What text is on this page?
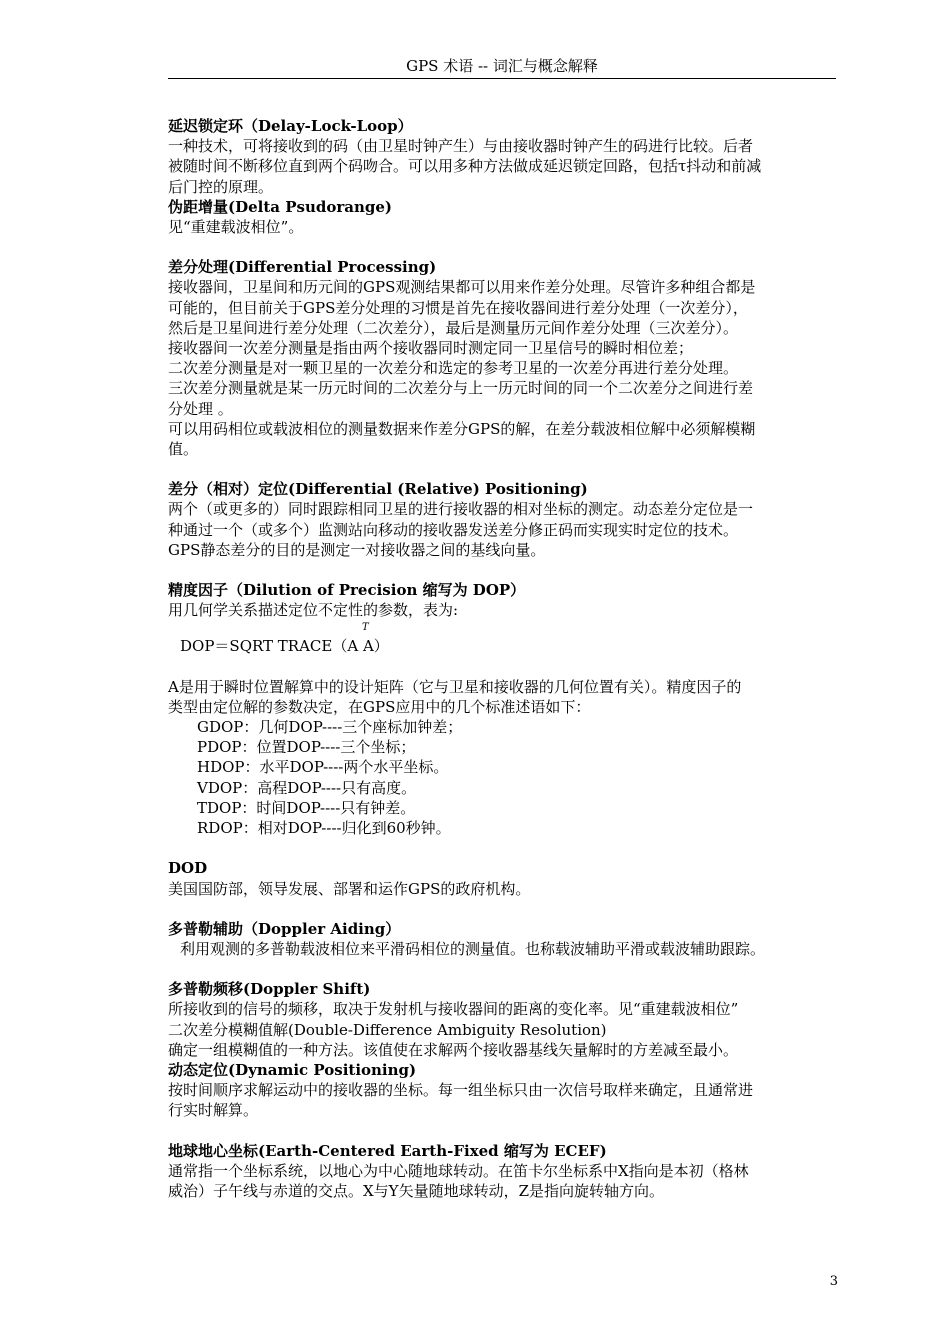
GPS 术语 -- 词汇与概念解释
延迟锁定环（Delay-Lock-Loop）
一种技术，可将接收到的码（由卫星时钟产生）与由接收器时钟产生的码进行比较。后者
被随时间不断移位直到两个码吻合。可以用多种方法做成延迟锁定回路，包括τ抖动和前减
后门控的原理。
伪距增量(Delta Psudorange)
见“重建载波相位”。
差分处理(Differential Processing)
接收器间，卫星间和历元间的GPS观测结果都可以用来作差分处理。尽管许多种组合都是
可能的，但目前关于GPS差分处理的习惯是首先在接收器间进行差分处理（一次差分），
然后是卫星间进行差分处理（二次差分），最后是测量历元间作差分处理（三次差分）。
接收器间一次差分测量是指由两个接收器同时测定同一卫星信号的瞬时相位差；
二次差分测量是对一颗卫星的一次差分和选定的参考卫星的一次差分再进行差分处理。
三次差分测量就是某一历元时间的二次差分与上一历元时间的同一个二次差分之间进行差
分处理 。
可以用码相位或载波相位的测量数据来作差分GPS的解，在差分载波相位解中必须解模糊
值。
差分（相对）定位(Differential (Relative) Positioning)
两个（或更多的）同时跟踪相同卫星的进行接收器的相对坐标的测定。动态差分定位是一
种通过一个（或多个）监测站向移动的接收器发送差分修正码而实现实时定位的技术。
GPS静态差分的目的是测定一对接收器之间的基线向量。
精度因子（Dilution of Precision 缩写为 DOP）
用几何学关系描述定位不定性的参数，表为:
T
DOP＝SQRT TRACE（A A）
A是用于瞬时位置解算中的设计矩阵（它与卫星和接收器的几何位置有关）。精度因子的
类型由定位解的参数决定，在GPS应用中的几个标准述语如下：
GDOP：几何DOP----三个座标加钟差；
PDOP：位置DOP----三个坐标；
HDOP：水平DOP----两个水平坐标。
VDOP：高程DOP----只有高度。
TDOP：时间DOP----只有钟差。
RDOP：相对DOP----归化到60秒钟。
DOD
美国国防部，领导发展、部署和运作GPS的政府机构。
多普勒辅助（Doppler Aiding）
利用观测的多普勒载波相位来平滑码相位的测量值。也称载波辅助平滑或载波辅助跟踪。
多普勒频移(Doppler Shift)
所接收到的信号的频移，取决于发射机与接收器间的距离的变化率。见“重建载波相位”
二次差分模糊值解(Double-Difference Ambiguity Resolution)
确定一组模糊值的一种方法。该值使在求解两个接收器基线矢量解时的方差减至最小。
动态定位(Dynamic Positioning)
按时间顺序求解运动中的接收器的坐标。每一组坐标只由一次信号取样来确定，且通常进
行实时解算。
地球地心坐标(Earth-Centered Earth-Fixed 缩写为 ECEF)
通常指一个坐标系统，以地心为中心随地球转动。在笛卡尔坐标系中X指向是本初（格林
威治）子午线与赤道的交点。X与Y矢量随地球转动，Z是指向旋转轴方向。
3
